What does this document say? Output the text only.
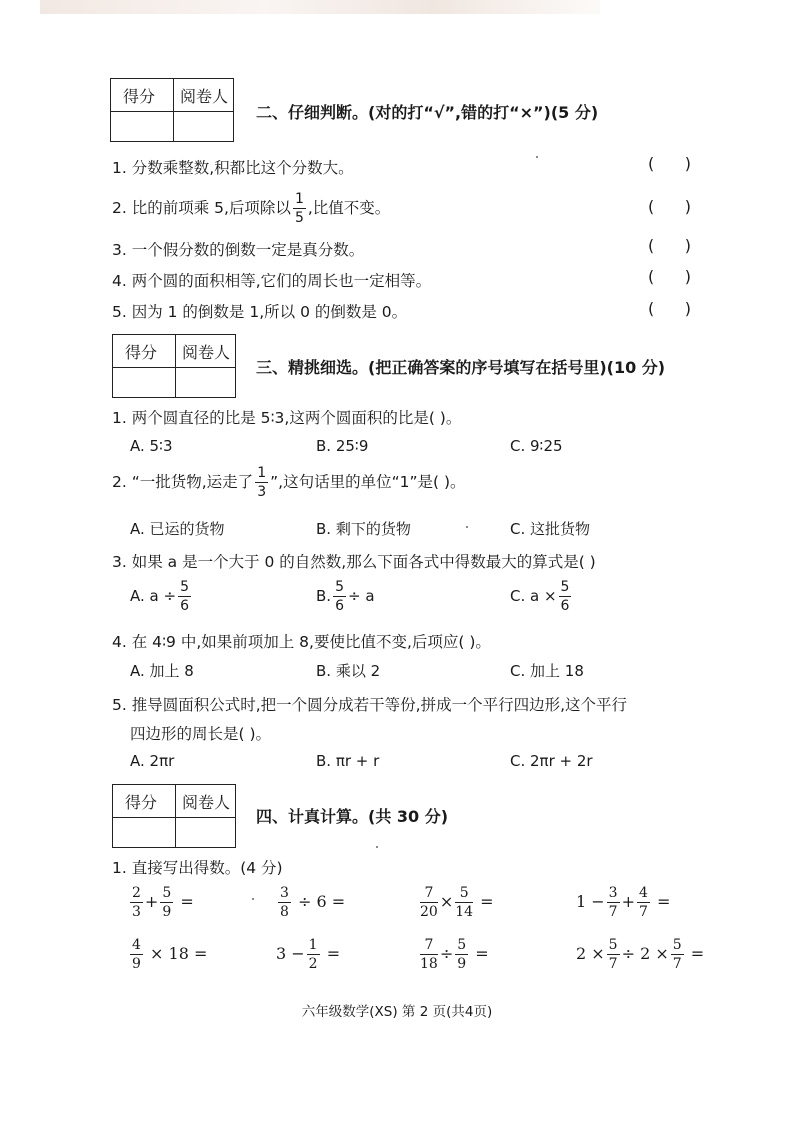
得分 阅卷人
二、仔细判断。(对的打“√”,错的打“×”)(5 分)
1. 分数乘整数,积都比这个分数大。	(      )
2. 比的前项乘 5,后项除以 $\frac{1}{5}$ ,比值不变。	(      )
3. 一个假分数的倒数一定是真分数。	(      )
4. 两个圆的面积相等,它们的周长也一定相等。	(      )
5. 因为 1 的倒数是 1,所以 0 的倒数是 0。	(      )
得分 阅卷人
三、精挑细选。(把正确答案的序号填写在括号里)(10 分)
1. 两个圆直径的比是 5∶3,这两个圆面积的比是( )。
A. 5∶3	B. 25∶9	C. 9∶25
2. “一批货物,运走了 $\frac{1}{3}$ ”,这句话里的单位“1”是( )。
A. 已运的货物	B. 剩下的货物	C. 这批货物
3. 如果 a 是一个大于 0 的自然数,那么下面各式中得数最大的算式是( )
A. $a \div \frac{5}{6}$	B. $\frac{5}{6} \div a$	C. $a \times \frac{5}{6}$
4. 在 4∶9 中,如果前项加上 8,要使比值不变,后项应( )。
A. 加上 8	B. 乘以 2	C. 加上 18
5. 推导圆面积公式时,把一个圆分成若干等份,拼成一个平行四边形,这个平行
四边形的周长是( )。
A. 2πr	B. πr + r	C. 2πr + 2r
得分 阅卷人
四、计真计算。(共 30 分)
1. 直接写出得数。(4 分)
$\frac{2}{3} + \frac{5}{9}$ =	$\frac{3}{8} \div 6$ =	$\frac{7}{20} \times \frac{5}{14}$ =	$1 - \frac{3}{7} + \frac{4}{7}$ =
$\frac{4}{9} \times 18$ =	$3 - \frac{1}{2}$ =	$\frac{7}{18} \div \frac{5}{9}$ =	$2 \times \frac{5}{7} \div 2 \times \frac{5}{7}$ =
六年级数学(XS) 第 2 页(共4页)
